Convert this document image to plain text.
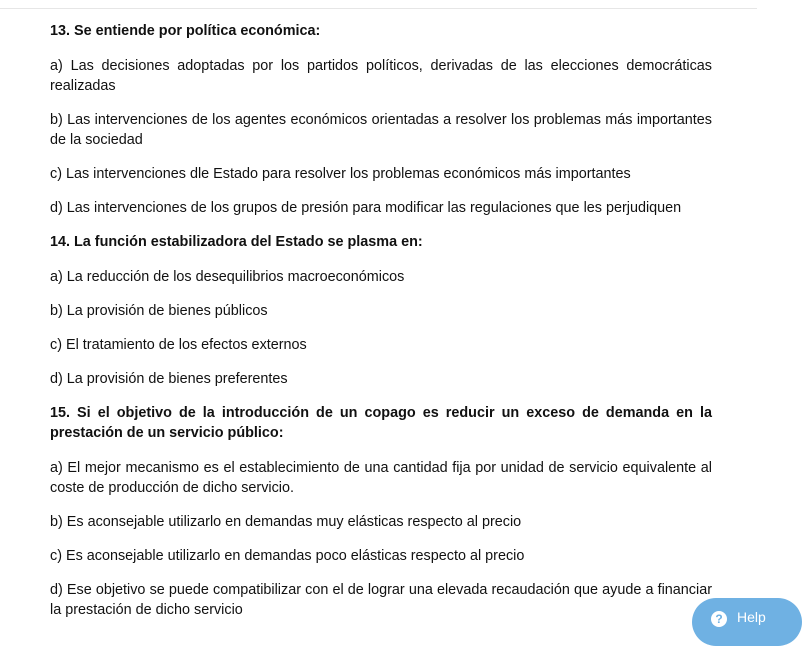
13. Se entiende por política económica:

a) Las decisiones adoptadas por los partidos políticos, derivadas de las elecciones democráticas realizadas

b) Las intervenciones de los agentes económicos orientadas a resolver los problemas más importantes de la sociedad

c) Las intervenciones dle Estado para resolver los problemas económicos más importantes

d) Las intervenciones de los grupos de presión para modificar las regulaciones que les perjudiquen

14. La función estabilizadora del Estado se plasma en:

a) La reducción de los desequilibrios macroeconómicos

b) La provisión de bienes públicos

c) El tratamiento de los efectos externos

d) La provisión de bienes preferentes

15. Si el objetivo de la introducción de un copago es reducir un exceso de demanda en la prestación de un servicio público:

a) El mejor mecanismo es el establecimiento de una cantidad fija por unidad de servicio equivalente al coste de producción de dicho servicio.

b) Es aconsejable utilizarlo en demandas muy elásticas respecto al precio

c) Es aconsejable utilizarlo en demandas poco elásticas respecto al precio

d) Ese objetivo se puede compatibilizar con el de lograr una elevada recaudación que ayude a financiar la prestación de dicho servicio

?	Help
